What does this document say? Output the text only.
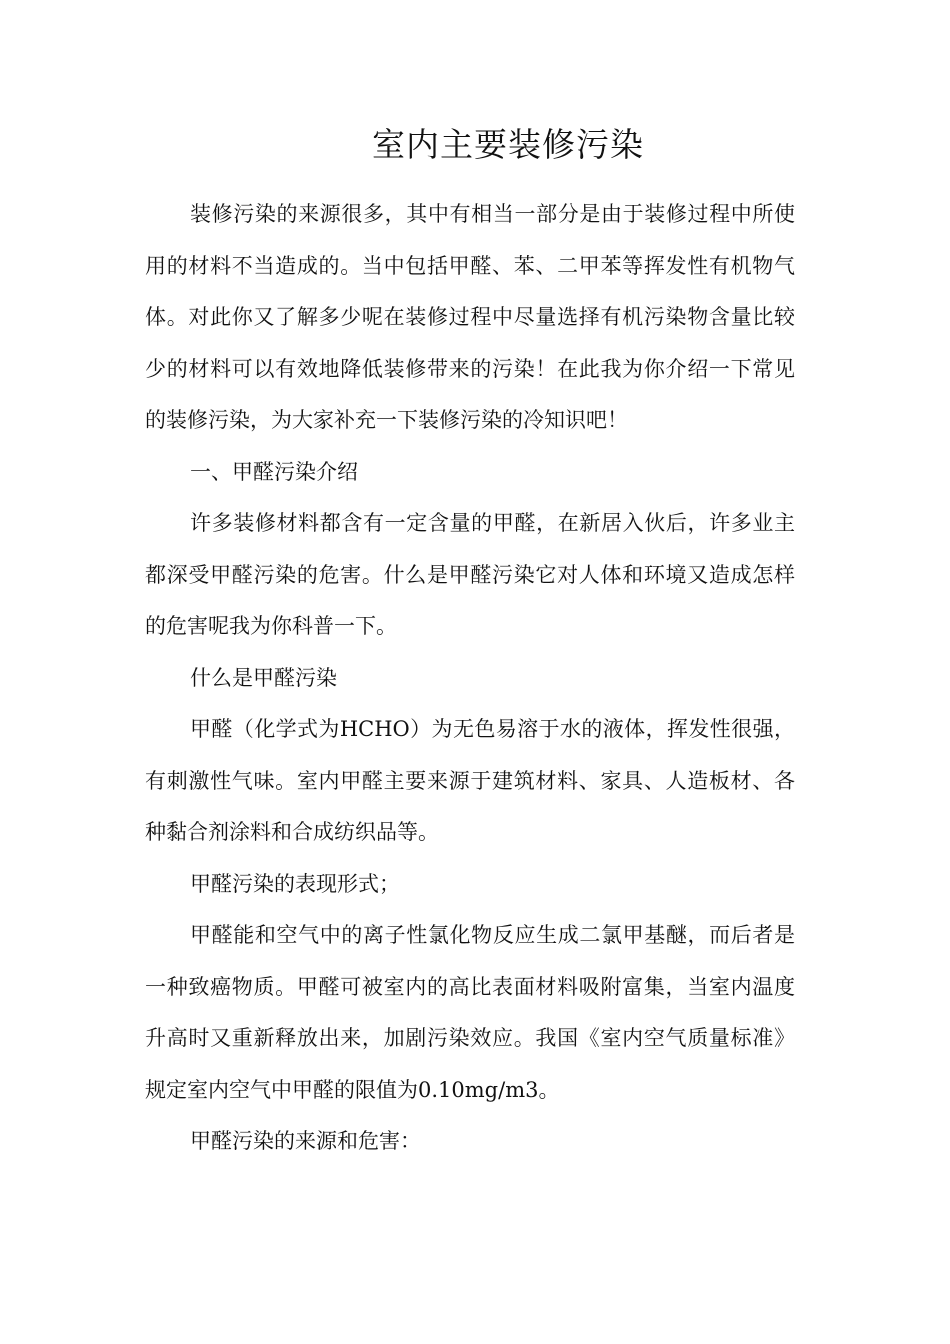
室内主要装修污染

装修污染的来源很多，其中有相当一部分是由于装修过程中所使用的材料不当造成的。当中包括甲醛、苯、二甲苯等挥发性有机物气体。对此你又了解多少呢在装修过程中尽量选择有机污染物含量比较少的材料可以有效地降低装修带来的污染！在此我为你介绍一下常见的装修污染，为大家补充一下装修污染的冷知识吧！

一、甲醛污染介绍

许多装修材料都含有一定含量的甲醛，在新居入伙后，许多业主都深受甲醛污染的危害。什么是甲醛污染它对人体和环境又造成怎样的危害呢我为你科普一下。

什么是甲醛污染

甲醛（化学式为HCHO）为无色易溶于水的液体，挥发性很强，有刺激性气味。室内甲醛主要来源于建筑材料、家具、人造板材、各种黏合剂涂料和合成纺织品等。

甲醛污染的表现形式；

甲醛能和空气中的离子性氯化物反应生成二氯甲基醚，而后者是一种致癌物质。甲醛可被室内的高比表面材料吸附富集，当室内温度升高时又重新释放出来，加剧污染效应。我国《室内空气质量标准》规定室内空气中甲醛的限值为0.10mg/m3。

甲醛污染的来源和危害：
